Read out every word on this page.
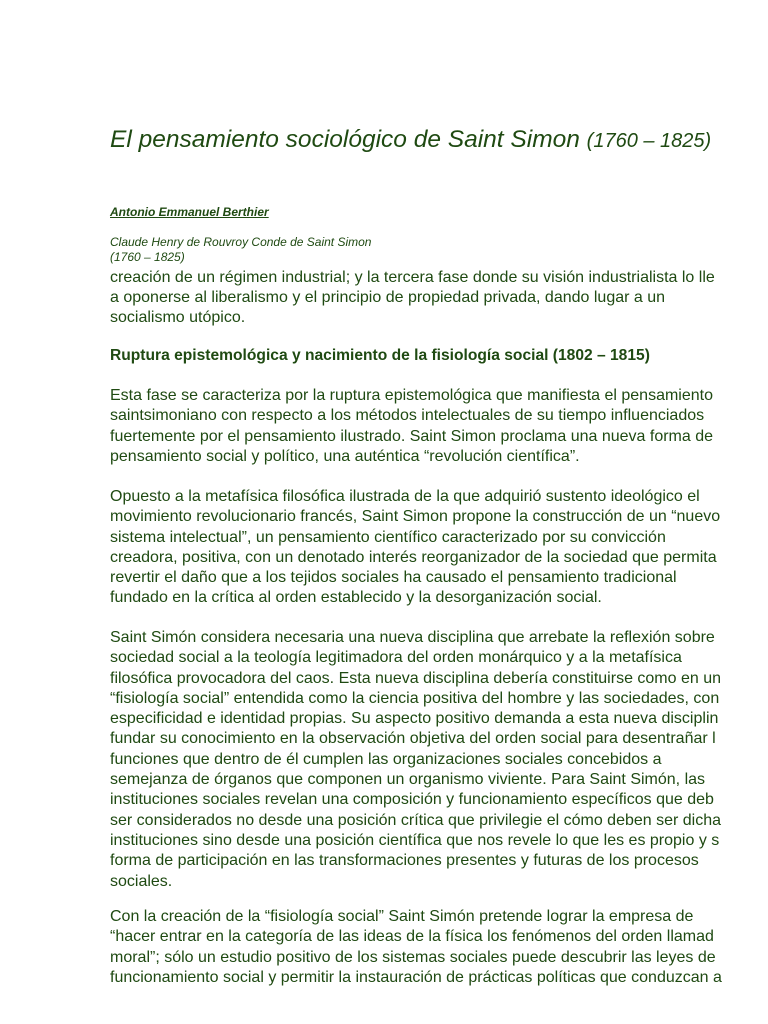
El pensamiento sociológico de Saint Simon (1760 – 1825)
Antonio Emmanuel Berthier
Claude Henry de Rouvroy Conde de Saint Simon
(1760 – 1825)
creación de un régimen industrial; y la tercera fase donde su visión industrialista lo lle
a oponerse al liberalismo y el principio de propiedad privada, dando lugar a un
socialismo utópico.
Ruptura epistemológica y nacimiento de la fisiología social (1802 – 1815)

Esta fase se caracteriza por la ruptura epistemológica que manifiesta el pensamiento
saintsimoniano con respecto a los métodos intelectuales de su tiempo influenciados
fuertemente por el pensamiento ilustrado. Saint Simon proclama una nueva forma de
pensamiento social y político, una auténtica “revolución científica”.

Opuesto a la metafísica filosófica ilustrada de la que adquirió sustento ideológico el
movimiento revolucionario francés, Saint Simon propone la construcción de un “nuevo
sistema intelectual”, un pensamiento científico caracterizado por su convicción
creadora, positiva, con un denotado interés reorganizador de la sociedad que permita
revertir el daño que a los tejidos sociales ha causado el pensamiento tradicional
fundado en la crítica al orden establecido y la desorganización social.

Saint Simón considera necesaria una nueva disciplina que arrebate la reflexión sobre
sociedad social a la teología legitimadora del orden monárquico y a la metafísica
filosófica provocadora del caos. Esta nueva disciplina debería constituirse como en un
“fisiología social” entendida como la ciencia positiva del hombre y las sociedades, con
especificidad e identidad propias. Su aspecto positivo demanda a esta nueva disciplin
fundar su conocimiento en la observación objetiva del orden social para desentrañar l
funciones que dentro de él cumplen las organizaciones sociales concebidos a
semejanza de órganos que componen un organismo viviente. Para Saint Simón, las
instituciones sociales revelan una composición y funcionamiento específicos que deb
ser considerados no desde una posición crítica que privilegie el cómo deben ser dicha
instituciones sino desde una posición científica que nos revele lo que les es propio y s
forma de participación en las transformaciones presentes y futuras de los procesos
sociales.

Con la creación de la “fisiología social” Saint Simón pretende lograr la empresa de
“hacer entrar en la categoría de las ideas de la física los fenómenos del orden llamad
moral”; sólo un estudio positivo de los sistemas sociales puede descubrir las leyes de
funcionamiento social y permitir la instauración de prácticas políticas que conduzcan a
